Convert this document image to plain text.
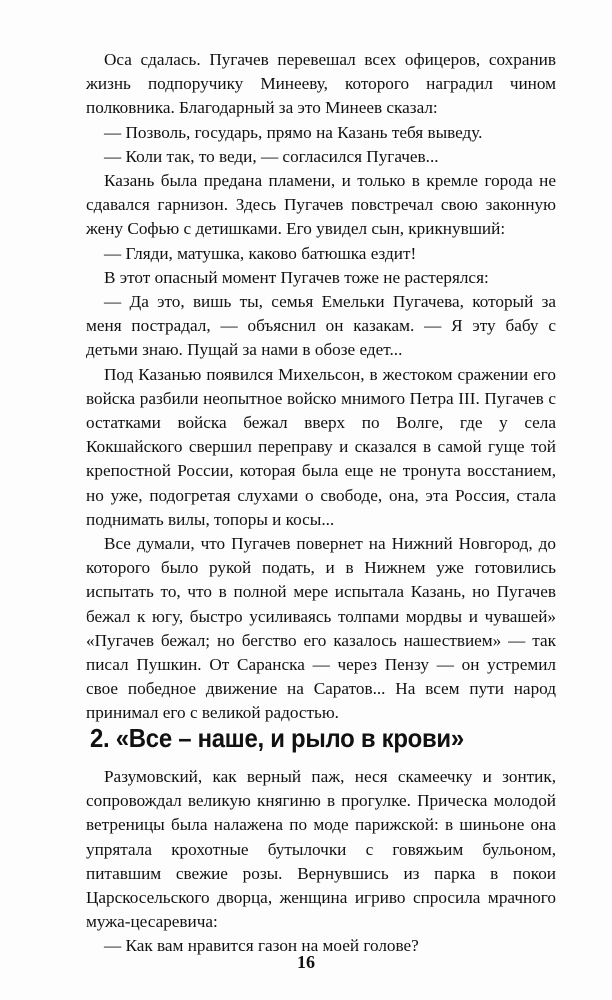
Оса сдалась. Пугачев перевешал всех офицеров, сохранив жизнь подпоручику Минееву, которого наградил чином полковника. Благодарный за это Минеев сказал:

— Позволь, государь, прямо на Казань тебя выведу.

— Коли так, то веди, — согласился Пугачев...

Казань была предана пламени, и только в кремле города не сдавался гарнизон. Здесь Пугачев повстречал свою законную жену Софью с детишками. Его увидел сын, крикнувший:

— Гляди, матушка, каково батюшка ездит!

В этот опасный момент Пугачев тоже не растерялся:

— Да это, вишь ты, семья Емельки Пугачева, который за меня пострадал, — объяснил он казакам. — Я эту бабу с детьми знаю. Пущай за нами в обозе едет...

Под Казанью появился Михельсон, в жестоком сражении его войска разбили неопытное войско мнимого Петра III. Пугачев с остатками войска бежал вверх по Волге, где у села Кокшайского свершил переправу и сказался в самой гуще той крепостной России, которая была еще не тронута восстанием, но уже, подогретая слухами о свободе, она, эта Россия, стала поднимать вилы, топоры и косы...

Все думали, что Пугачев повернет на Нижний Новгород, до которого было рукой подать, и в Нижнем уже готовились испытать то, что в полной мере испытала Казань, но Пугачев бежал к югу, быстро усиливаясь толпами мордвы и чувашей» «Пугачев бежал; но бегство его казалось нашествием» — так писал Пушкин. От Саранска — через Пензу — он устремил свое победное движение на Саратов... На всем пути народ принимал его с великой радостью.

2. «Все – наше, и рыло в крови»

Разумовский, как верный паж, неся скамеечку и зонтик, сопровождал великую княгиню в прогулке. Прическа молодой ветреницы была налажена по моде парижской: в шиньоне она упрятала крохотные бутылочки с говяжьим бульоном, питавшим свежие розы. Вернувшись из парка в покои Царскосельского дворца, женщина игриво спросила мрачного мужа-цесаревича:

— Как вам нравится газон на моей голове?

16
